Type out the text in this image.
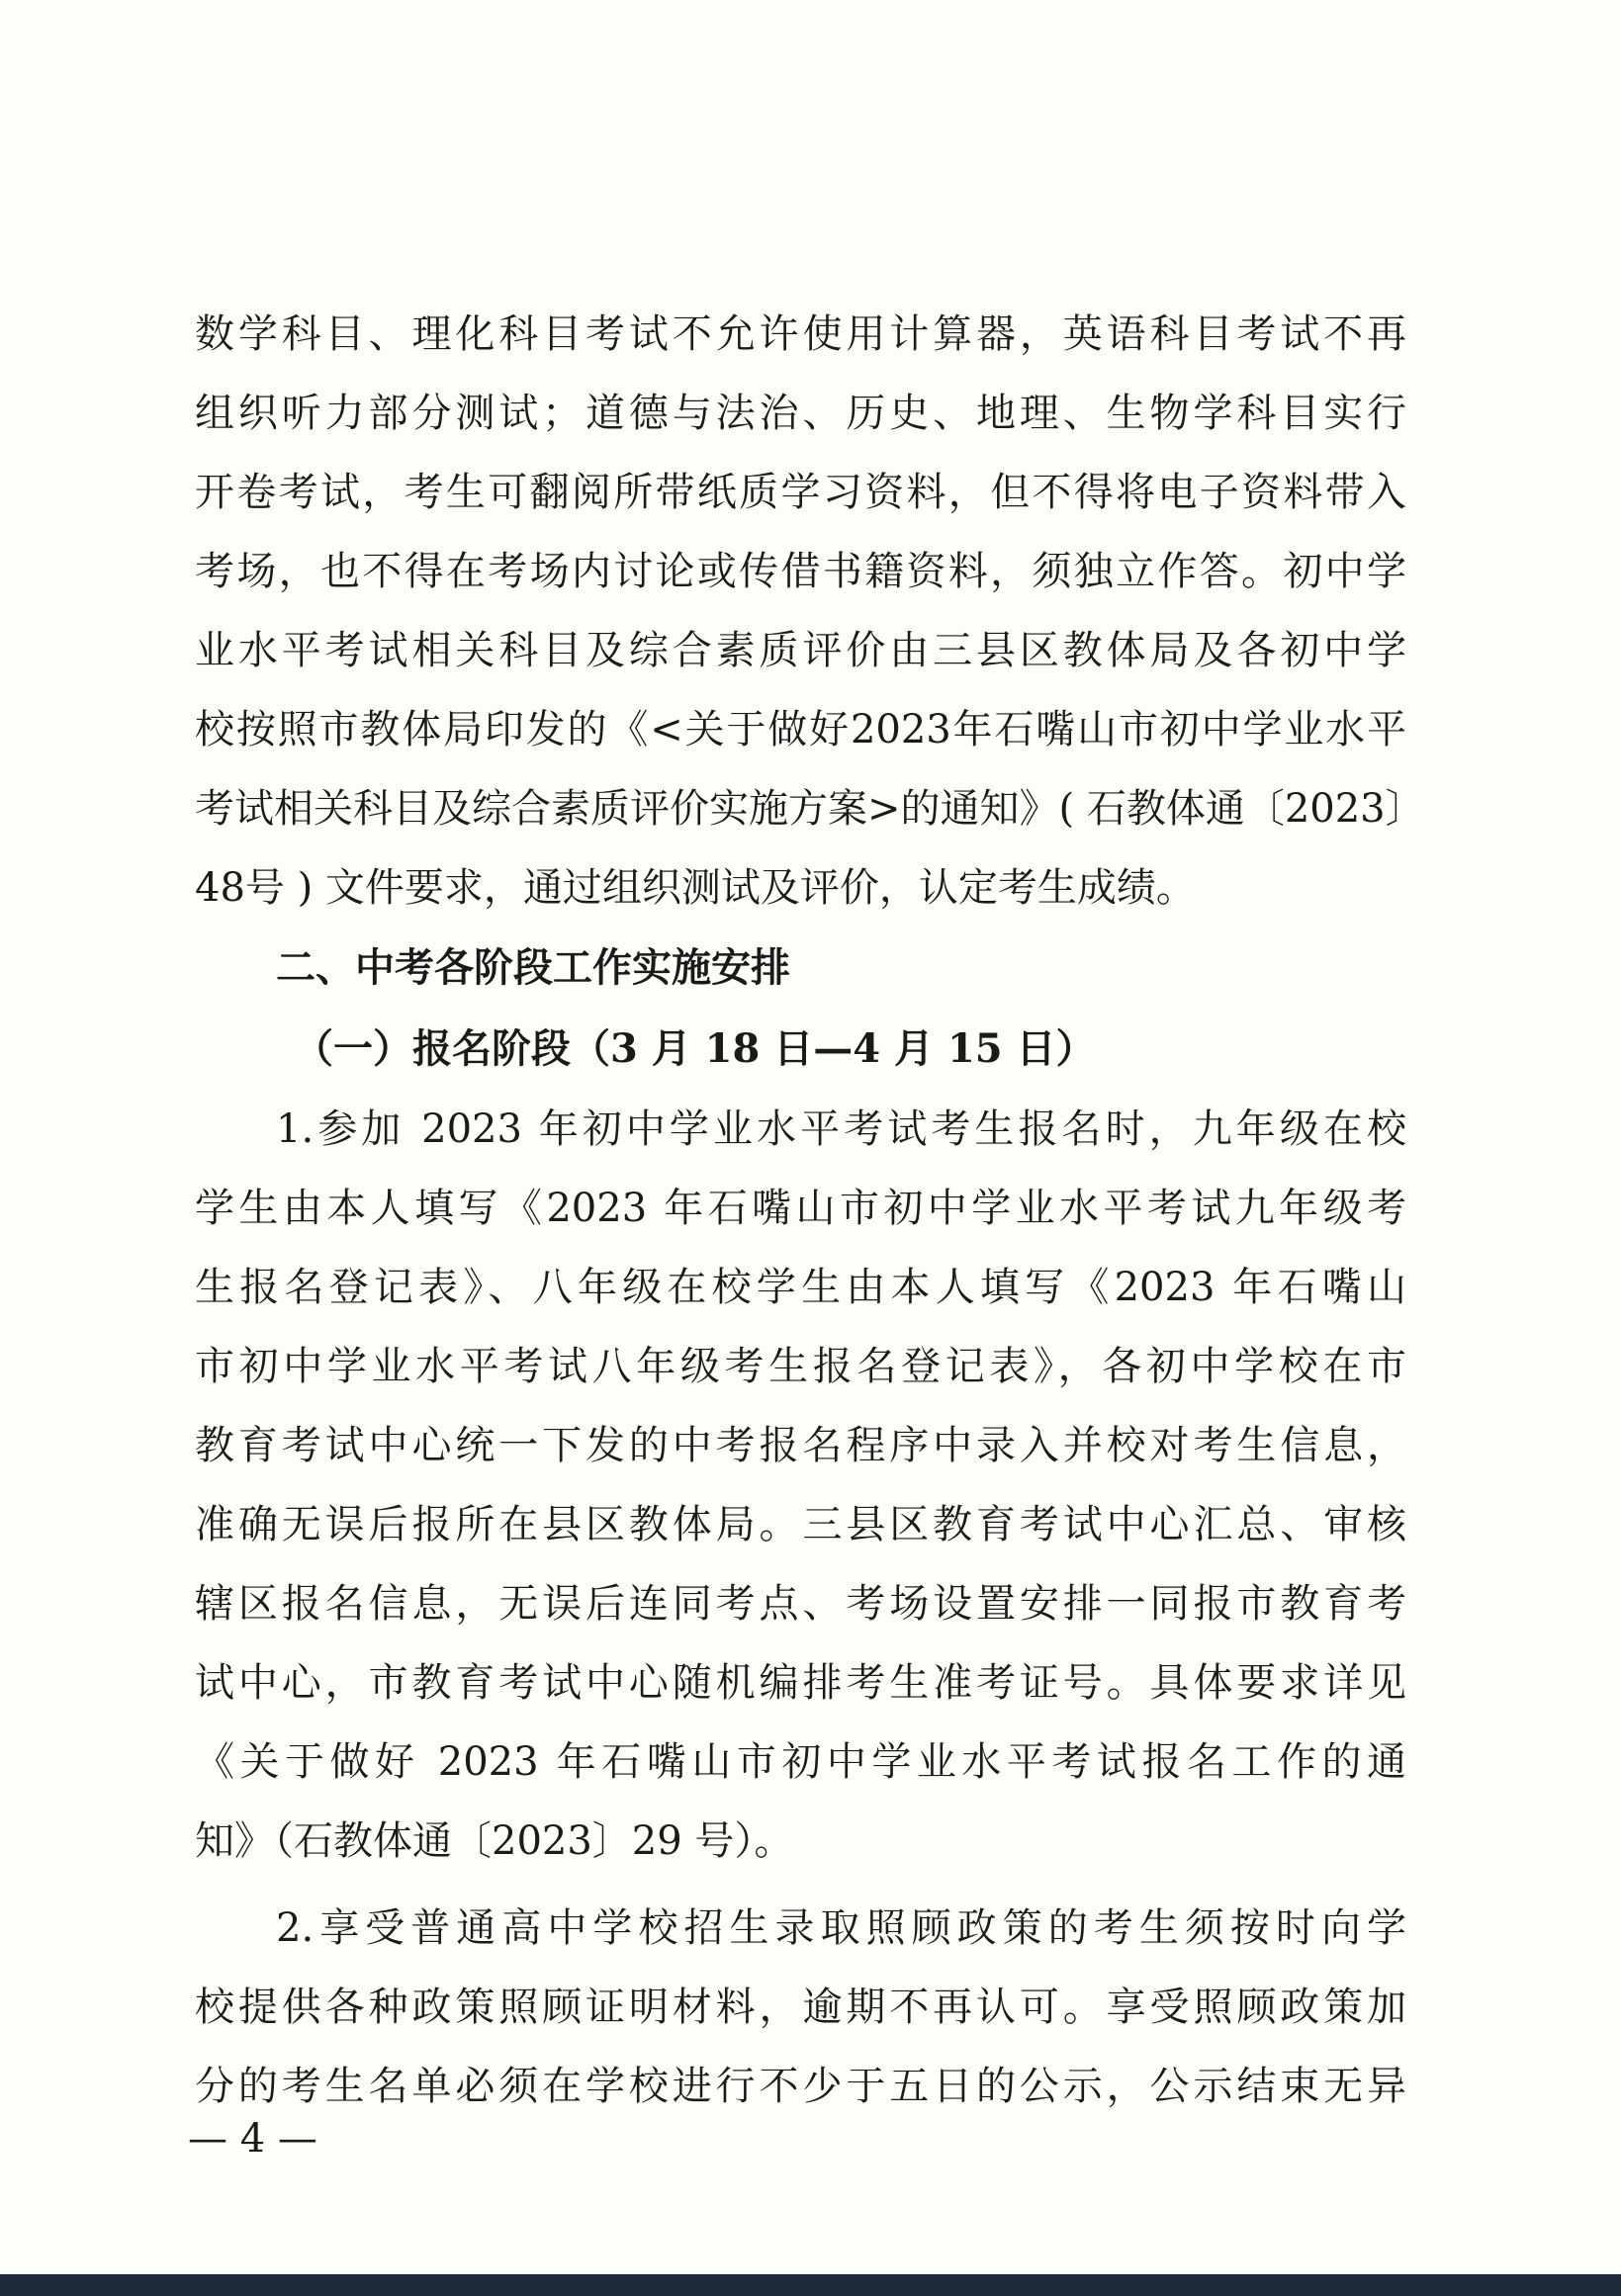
数学科目、理化科目考试不允许使用计算器，英语科目考试不再
组织听力部分测试；道德与法治、历史、地理、生物学科目实行
开卷考试，考生可翻阅所带纸质学习资料，但不得将电子资料带入
考场，也不得在考场内讨论或传借书籍资料，须独立作答。初中学
业水平考试相关科目及综合素质评价由三县区教体局及各初中学
校按照市教体局印发的《<关于做好2023年石嘴山市初中学业水平
考试相关科目及综合素质评价实施方案>的通知》( 石教体通〔2023〕
48号 ) 文件要求，通过组织测试及评价，认定考生成绩。
二、中考各阶段工作实施安排
（一）报名阶段（3 月 18 日—4 月 15 日）
1.参加 2023 年初中学业水平考试考生报名时，九年级在校
学生由本人填写《2023 年石嘴山市初中学业水平考试九年级考
生报名登记表》、八年级在校学生由本人填写《2023 年石嘴山
市初中学业水平考试八年级考生报名登记表》，各初中学校在市
教育考试中心统一下发的中考报名程序中录入并校对考生信息，
准确无误后报所在县区教体局。三县区教育考试中心汇总、审核
辖区报名信息，无误后连同考点、考场设置安排一同报市教育考
试中心，市教育考试中心随机编排考生准考证号。具体要求详见
《关于做好 2023 年石嘴山市初中学业水平考试报名工作的通
知》（石教体通〔2023〕29 号）。
2.享受普通高中学校招生录取照顾政策的考生须按时向学
校提供各种政策照顾证明材料，逾期不再认可。享受照顾政策加
分的考生名单必须在学校进行不少于五日的公示，公示结束无异
— 4 —
